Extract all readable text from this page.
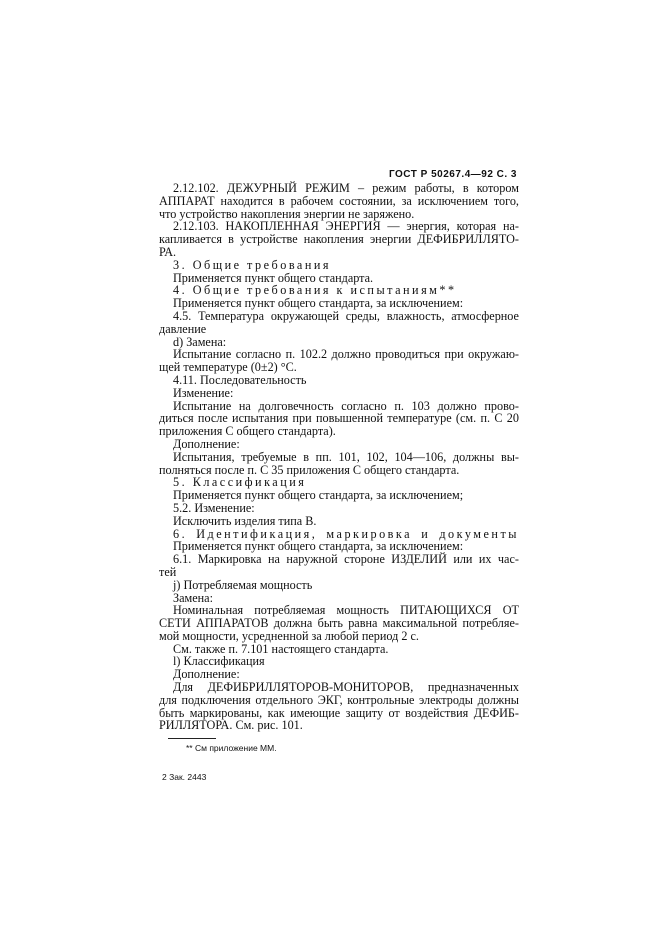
ГОСТ Р 50267.4—92 С. 3
2.12.102. ДЕЖУРНЫЙ РЕЖИМ – режим работы, в котором
АППАРАТ находится в рабочем состоянии, за исключением того,
что устройство накопления энергии не заряжено.
2.12.103. НАКОПЛЕННАЯ ЭНЕРГИЯ — энергия, которая на-
капливается в устройстве накопления энергии ДЕФИБРИЛЛЯТО-
РА.
3. Общие требования
Применяется пункт общего стандарта.
4. Общие требования к испытаниям**
Применяется пункт общего стандарта, за исключением:
4.5. Температура окружающей среды, влажность, атмосферное
давление
d) Замена:
Испытание согласно п. 102.2 должно проводиться при окружаю-
щей температуре (0±2) °С.
4.11. Последовательность
Изменение:
Испытание на долговечность согласно п. 103 должно прово-
диться после испытания при повышенной температуре (см. п. С 20
приложения С общего стандарта).
Дополнение:
Испытания, требуемые в пп. 101, 102, 104—106, должны вы-
полняться после п. С 35 приложения С общего стандарта.
5. Классификация
Применяется пункт общего стандарта, за исключением;
5.2. Изменение:
Исключить изделия типа В.
6. Идентификация, маркировка и документы
Применяется пункт общего стандарта, за исключением:
6.1. Маркировка на наружной стороне ИЗДЕЛИЙ или их час-
тей
j) Потребляемая мощность
Замена:
Номинальная потребляемая мощность ПИТАЮЩИХСЯ ОТ
СЕТИ АППАРАТОВ должна быть равна максимальной потребляе-
мой мощности, усредненной за любой период 2 с.
См. также п. 7.101 настоящего стандарта.
l) Классификация
Дополнение:
Для ДЕФИБРИЛЛЯТОРОВ-МОНИТОРОВ, предназначенных
для подключения отдельного ЭКГ, контрольные электроды должны
быть маркированы, как имеющие защиту от воздействия ДЕФИБ-
РИЛЛЯТОРА. См. рис. 101.
** См приложение ММ.
2 Зак. 2443
